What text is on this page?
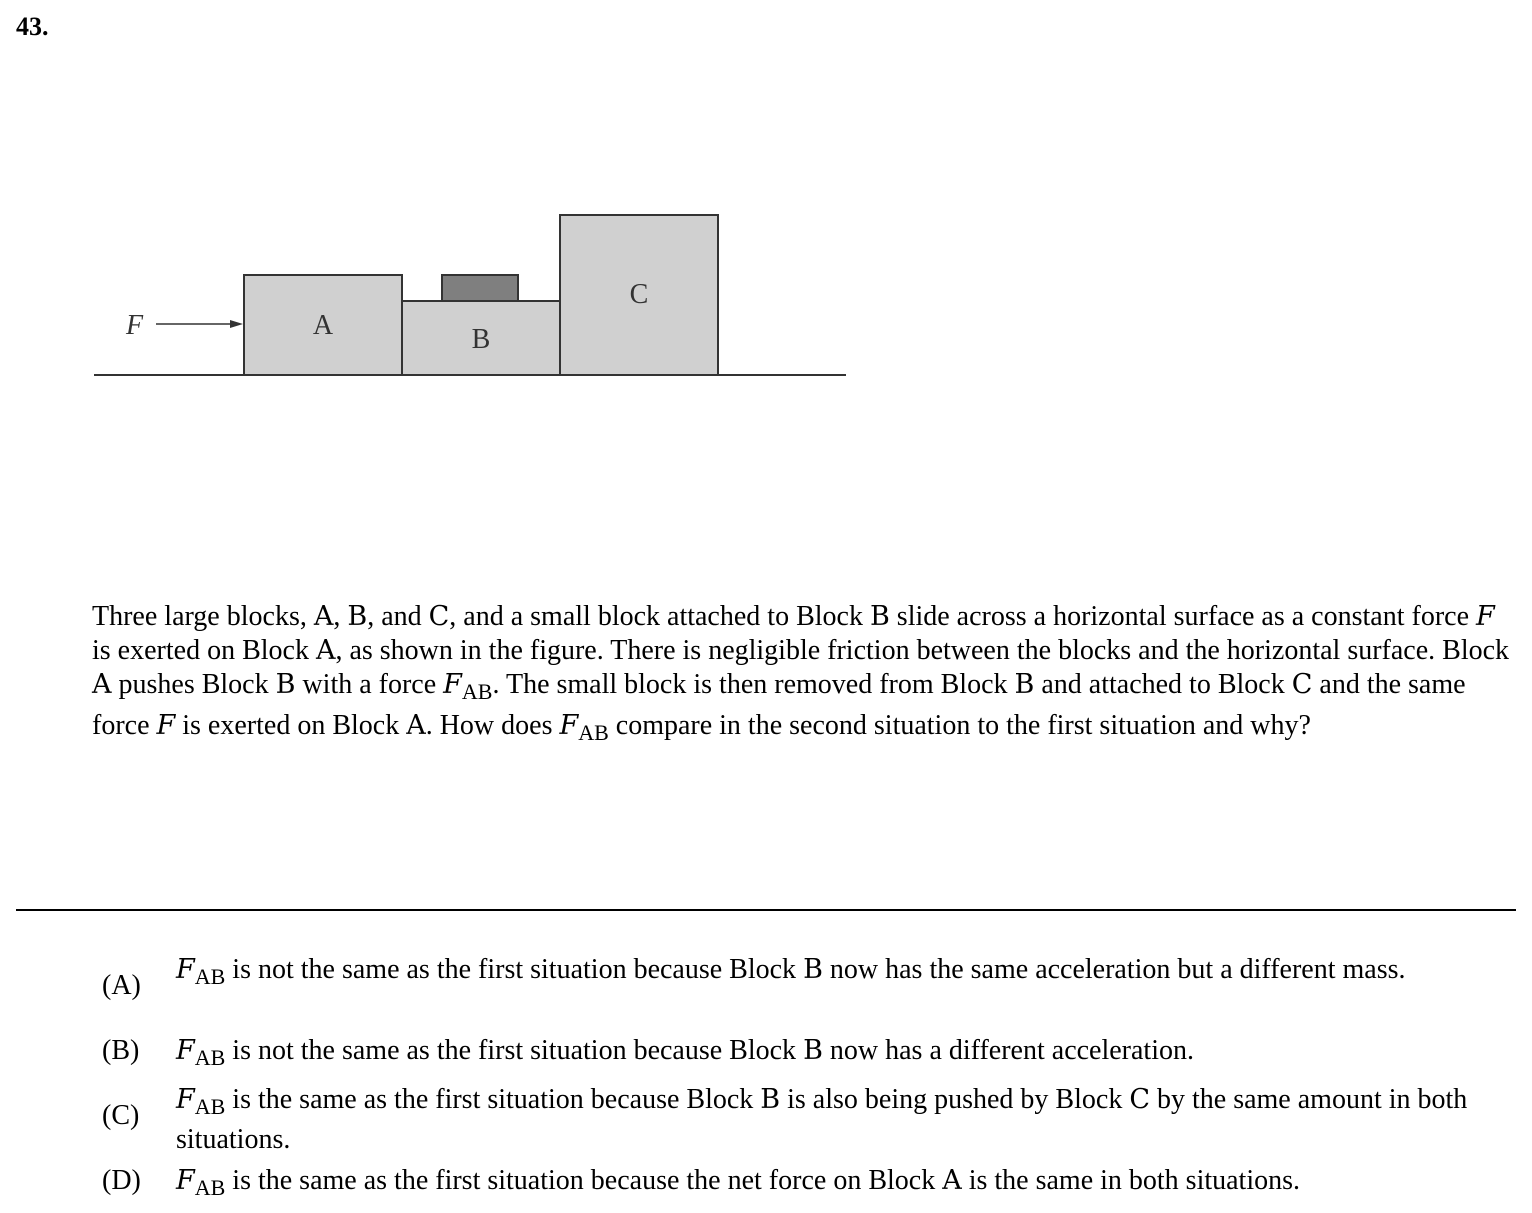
43.
F	A	B
C
Three large blocks, A, B, and C, and a small block attached to Block B slide across a horizontal surface as a constant force F is exerted on Block A, as shown in the figure. There is negligible friction between the blocks and the horizontal surface. Block A pushes Block B with a force $F_{AB}$. The small block is then removed from Block B and attached to Block C and the same force F is exerted on Block A. How does $F_{AB}$ compare in the second situation to the first situation and why?
(A)
$F_{AB}$ is not the same as the first situation because Block B now has the same acceleration but a different mass.
(B)	$F_{AB}$ is not the same as the first situation because Block B now has a different acceleration.
(C)
$F_{AB}$ is the same as the first situation because Block B is also being pushed by Block C by the same amount in both situations.
(D)	$F_{AB}$ is the same as the first situation because the net force on Block A is the same in both situations.
